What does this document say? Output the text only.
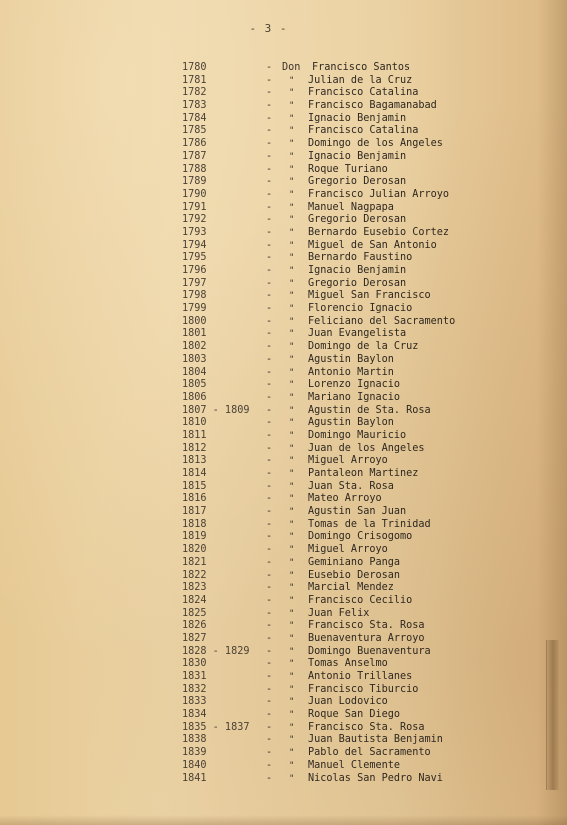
- 3 -
1780	- Don Francisco Santos
1781	- " Julian de la Cruz
1782	- " Francisco Catalina
1783	- " Francisco Bagamanabad
1784	- " Ignacio Benjamin
1785	- " Francisco Catalina
1786	- " Domingo de los Angeles
1787	- " Ignacio Benjamin
1788	- " Roque Turiano
1789	- " Gregorio Derosan
1790	- " Francisco Julian Arroyo
1791	- " Manuel Nagpapa
1792	- " Gregorio Derosan
1793	- " Bernardo Eusebio Cortez
1794	- " Miguel de San Antonio
1795	- " Bernardo Faustino
1796	- " Ignacio Benjamin
1797	- " Gregorio Derosan
1798	- " Miguel San Francisco
1799	- " Florencio Ignacio
1800	- " Feliciano del Sacramento
1801	- " Juan Evangelista
1802	- " Domingo de la Cruz
1803	- " Agustin Baylon
1804	- " Antonio Martin
1805	- " Lorenzo Ignacio
1806	- " Mariano Ignacio
1807 - 1809 - " Agustin de Sta. Rosa
1810	- " Agustin Baylon
1811	- " Domingo Mauricio
1812	- " Juan de los Angeles
1813	- " Miguel Arroyo
1814	- " Pantaleon Martinez
1815	- " Juan Sta. Rosa
1816	- " Mateo Arroyo
1817	- " Agustin San Juan
1818	- " Tomas de la Trinidad
1819	- " Domingo Crisogomo
1820	- " Miguel Arroyo
1821	- " Geminiano Panga
1822	- " Eusebio Derosan
1823	- " Marcial Mendez
1824	- " Francisco Cecilio
1825	- " Juan Felix
1826	- " Francisco Sta. Rosa
1827	- " Buenaventura Arroyo
1828 - 1829 - " Domingo Buenaventura
1830	- " Tomas Anselmo
1831	- " Antonio Trillanes
1832	- " Francisco Tiburcio
1833	- " Juan Lodovico
1834	- " Roque San Diego
1835 - 1837 - " Francisco Sta. Rosa
1838	- " Juan Bautista Benjamin
1839	- " Pablo del Sacramento
1840	- " Manuel Clemente
1841	- " Nicolas San Pedro Navi
